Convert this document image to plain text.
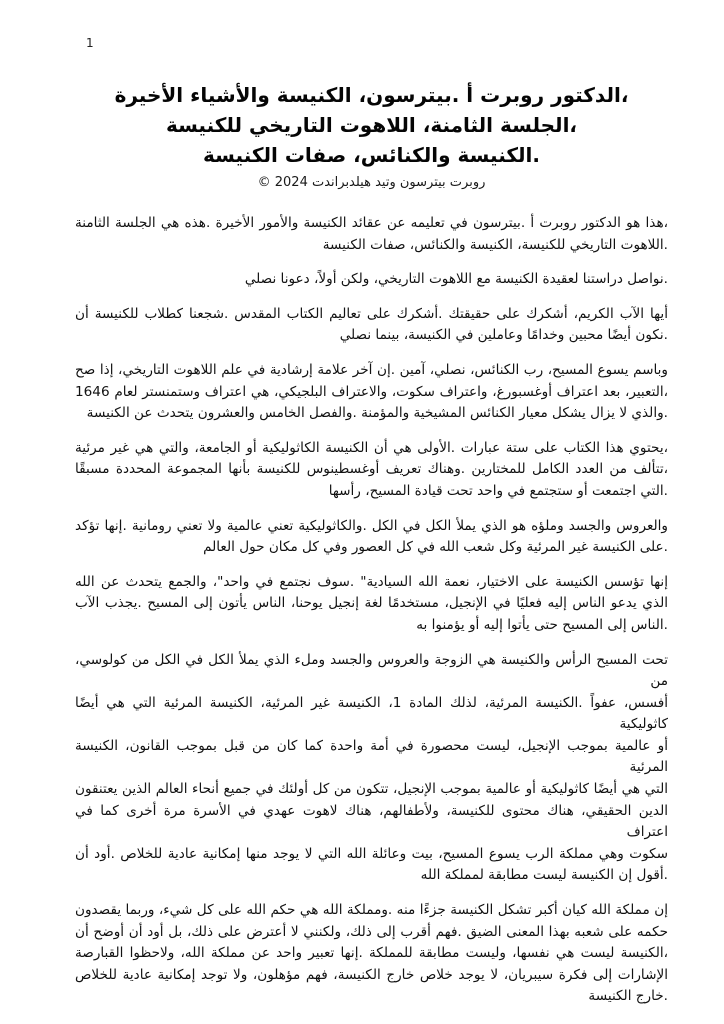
1
،الدكتور روبرت أ .بيترسون، الكنيسة والأشياء الأخيرة
،الجلسة الثامنة، اللاهوت التاريخي للكنيسة
.الكنيسة والكنائس، صفات الكنيسة
روبرت بيترسون وتيد هيلدبراندت 2024 ©

،هذا هو الدكتور روبرت أ .بيترسون في تعليمه عن عقائد الكنيسة والأمور الأخيرة .هذه هي الجلسة الثامنة
.اللاهوت التاريخي للكنيسة، الكنيسة والكنائس، صفات الكنيسة

.نواصل دراستنا لعقيدة الكنيسة مع اللاهوت التاريخي، ولكن أولاً، دعونا نصلي

أيها الآب الكريم، أشكرك على حقيقتك .أشكرك على تعاليم الكتاب المقدس .شجعنا كطلاب للكنيسة أن
.نكون أيضًا محبين وخدامًا وعاملين في الكنيسة، بينما نصلي

وباسم يسوع المسيح، رب الكنائس، نصلي، آمين .إن آخر علامة إرشادية في علم اللاهوت التاريخي، إذا صح
،التعبير، بعد اعتراف أوغسبورغ، واعتراف سكوت، والاعتراف البلجيكي، هي اعتراف وستمنستر لعام 1646
.والذي لا يزال يشكل معيار الكنائس المشيخية والمؤمنة .والفصل الخامس والعشرون يتحدث عن الكنيسة

،يحتوي هذا الكتاب على ستة عبارات .الأولى هي أن الكنيسة الكاثوليكية أو الجامعة، والتي هي غير مرئية
،تتألف من العدد الكامل للمختارين .وهناك تعريف أوغسطينوس للكنيسة بأنها المجموعة المحددة مسبقًا
.التي اجتمعت أو ستجتمع في واحد تحت قيادة المسيح، رأسها

والعروس والجسد وملؤه هو الذي يملأ الكل في الكل .والكاثوليكية تعني عالمية ولا تعني رومانية .إنها تؤكد
.على الكنيسة غير المرئية وكل شعب الله في كل العصور وفي كل مكان حول العالم

إنها تؤسس الكنيسة على الاختيار، نعمة الله السيادية" .سوف نجتمع في واحد"، والجمع يتحدث عن الله
الذي يدعو الناس إليه فعليًا في الإنجيل، مستخدمًا لغة إنجيل يوحنا، الناس يأتون إلى المسيح .يجذب الآب
.الناس إلى المسيح حتى يأتوا إليه أو يؤمنوا به

تحت المسيح الرأس والكنيسة هي الزوجة والعروس والجسد وملء الذي يملأ الكل في الكل من كولوسي، من
أفسس، عفواً .الكنيسة المرئية، لذلك المادة 1، الكنيسة غير المرئية، الكنيسة المرئية التي هي أيضًا كاثوليكية
أو عالمية بموجب الإنجيل، ليست محصورة في أمة واحدة كما كان من قبل بموجب القانون، الكنيسة المرئية
التي هي أيضًا كاثوليكية أو عالمية بموجب الإنجيل، تتكون من كل أولئك في جميع أنحاء العالم الذين يعتنقون
الدين الحقيقي، هناك محتوى للكنيسة، ولأطفالهم، هناك لاهوت عهدي في الأسرة مرة أخرى كما في اعتراف
سكوت وهي مملكة الرب يسوع المسيح، بيت وعائلة الله التي لا يوجد منها إمكانية عادية للخلاص .أود أن
.أقول إن الكنيسة ليست مطابقة لمملكة الله

إن مملكة الله كيان أكبر تشكل الكنيسة جزءًا منه .ومملكة الله هي حكم الله على كل شيء، وربما يقصدون
حكمه على شعبه بهذا المعنى الضيق .فهم أقرب إلى ذلك، ولكنني لا أعترض على ذلك، بل أود أن أوضح أن
،الكنيسة ليست هي نفسها، وليست مطابقة للمملكة .إنها تعبير واحد عن مملكة الله، ولاحظوا القبارصة
الإشارات إلى فكرة سيبريان، لا يوجد خلاص خارج الكنيسة، فهم مؤهلون، ولا توجد إمكانية عادية للخلاص
.خارج الكنيسة
